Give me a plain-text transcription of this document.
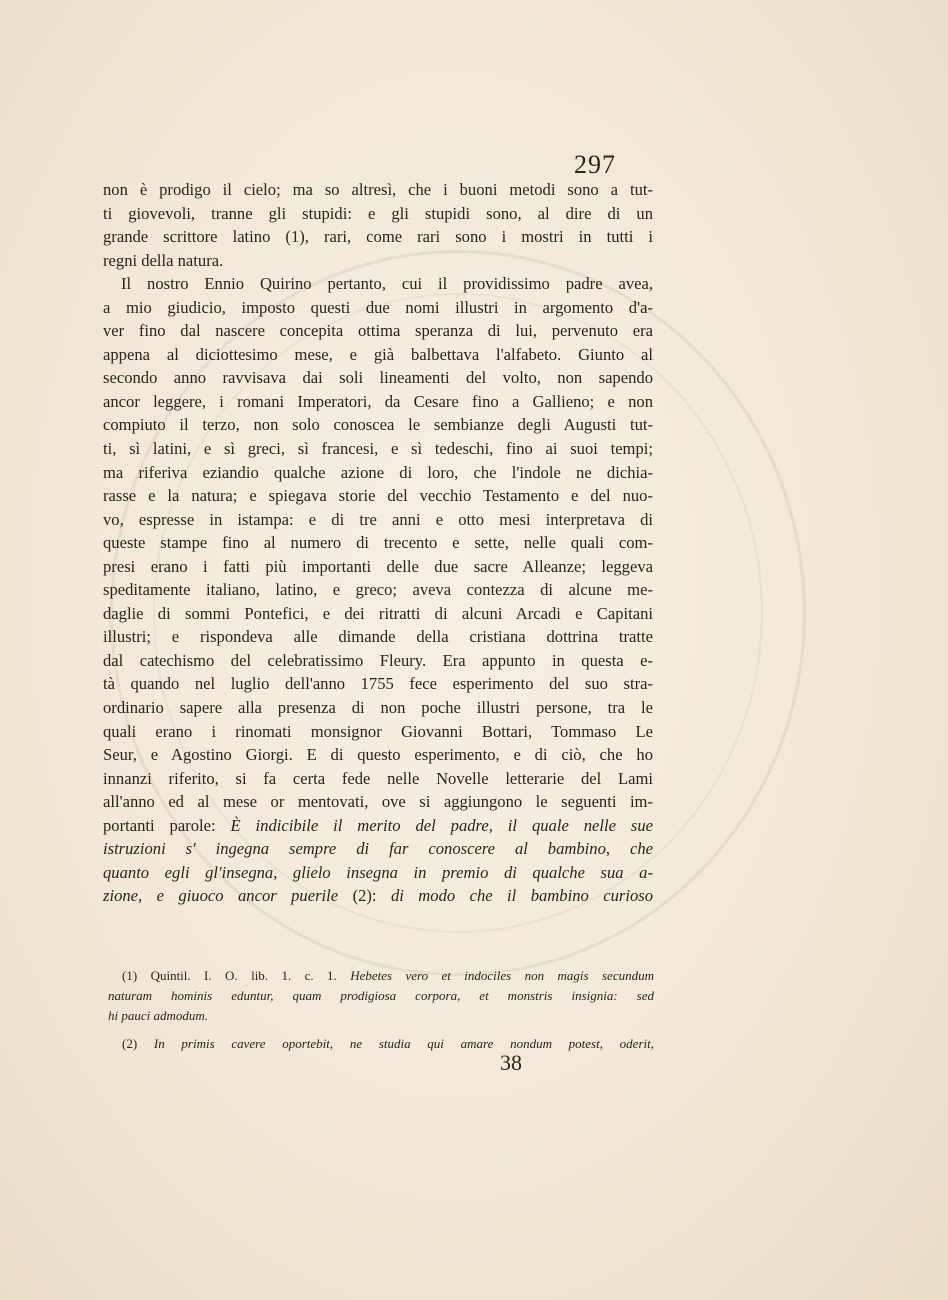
297
non è prodigo il cielo; ma so altresì, che i buoni metodi sono a tut-
ti giovevoli, tranne gli stupidi: e gli stupidi sono, al dire di un
grande scrittore latino (1), rari, come rari sono i mostri in tutti i
regni della natura.
Il nostro Ennio Quirino pertanto, cui il providissimo padre avea,
a mio giudicio, imposto questi due nomi illustri in argomento d'a-
ver fino dal nascere concepita ottima speranza di lui, pervenuto era
appena al diciottesimo mese, e già balbettava l'alfabeto. Giunto al
secondo anno ravvisava dai soli lineamenti del volto, non sapendo
ancor leggere, i romani Imperatori, da Cesare fino a Gallieno; e non
compiuto il terzo, non solo conoscea le sembianze degli Augusti tut-
ti, sì latini, e sì greci, sì francesi, e sì tedeschi, fino ai suoi tempi;
ma riferiva eziandio qualche azione di loro, che l'indole ne dichia-
rasse e la natura; e spiegava storie del vecchio Testamento e del nuo-
vo, espresse in istampa: e di tre anni e otto mesi interpretava di
queste stampe fino al numero di trecento e sette, nelle quali com-
presi erano i fatti più importanti delle due sacre Alleanze; leggeva
speditamente italiano, latino, e greco; aveva contezza di alcune me-
daglie di sommi Pontefici, e dei ritratti di alcuni Arcadi e Capitani
illustri; e rispondeva alle dimande della cristiana dottrina tratte
dal catechismo del celebratissimo Fleury. Era appunto in questa e-
tà quando nel luglio dell'anno 1755 fece esperimento del suo stra-
ordinario sapere alla presenza di non poche illustri persone, tra le
quali erano i rinomati monsignor Giovanni Bottari, Tommaso Le
Seur, e Agostino Giorgi. E di questo esperimento, e di ciò, che ho
innanzi riferito, si fa certa fede nelle Novelle letterarie del Lami
all'anno ed al mese or mentovati, ove si aggiungono le seguenti im-
portanti parole: È indicibile il merito del padre, il quale nelle sue
istruzioni s' ingegna sempre di far conoscere al bambino, che
quanto egli gl'insegna, glielo insegna in premio di qualche sua a-
zione, e giuoco ancor puerile (2): di modo che il bambino curioso
(1) Quintil. I. O. lib. 1. c. 1. Hebetes vero et indociles non magis secundum
naturam hominis eduntur, quam prodigiosa corpora, et monstris insignia: sed
hi pauci admodum.
(2) In primis cavere oportebit, ne studia qui amare nondum potest, oderit,
38
